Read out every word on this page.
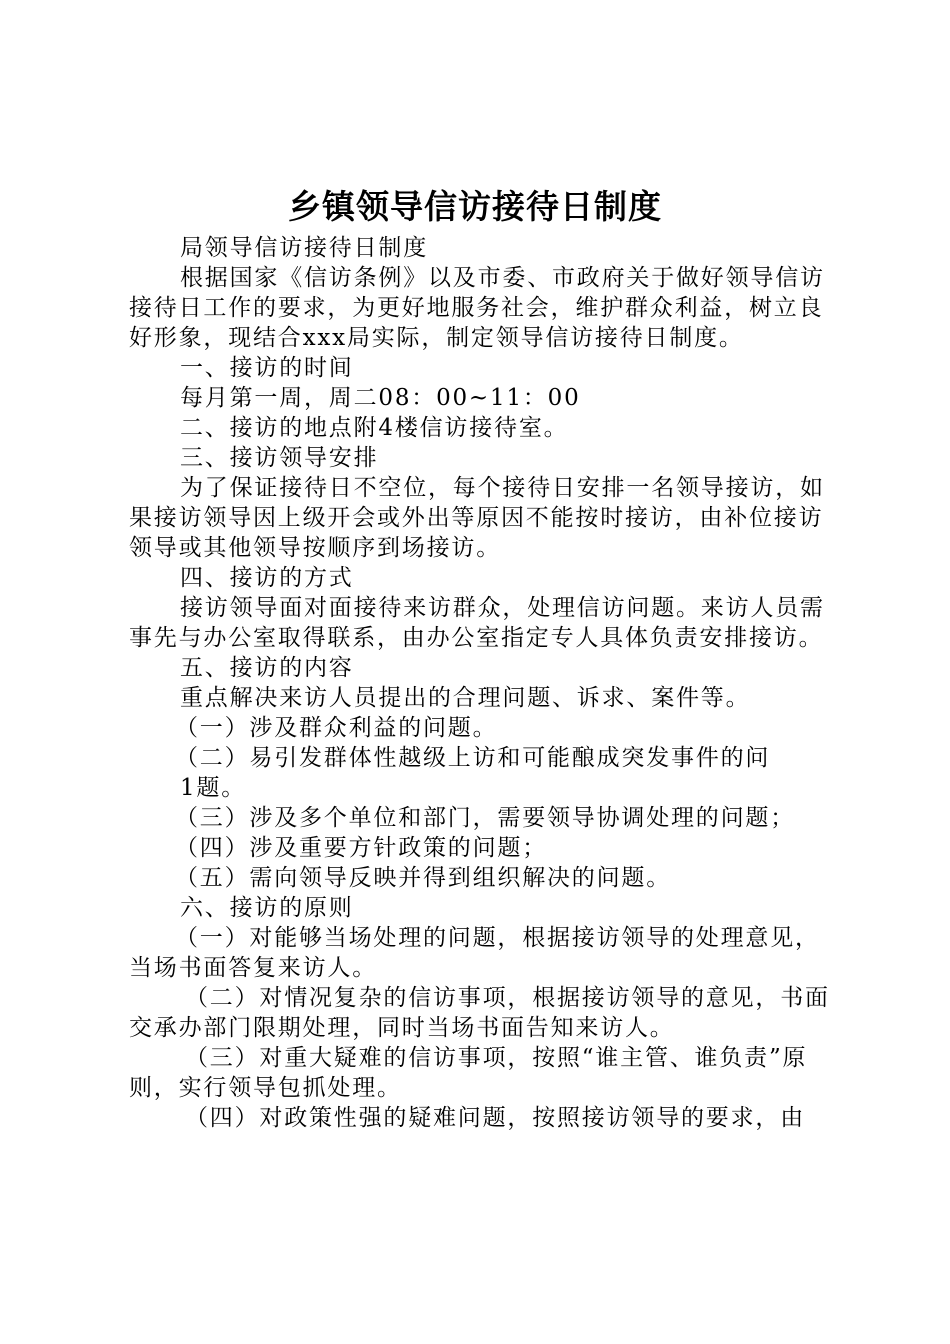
乡镇领导信访接待日制度

局领导信访接待日制度

根据国家《信访条例》以及市委、市政府关于做好领导信访接待日工作的要求，为更好地服务社会，维护群众利益，树立良好形象，现结合xxx局实际，制定领导信访接待日制度。

一、接访的时间

每月第一周，周二08：00~11：00

二、接访的地点附4楼信访接待室。

三、接访领导安排

为了保证接待日不空位，每个接待日安排一名领导接访，如果接访领导因上级开会或外出等原因不能按时接访，由补位接访领导或其他领导按顺序到场接访。

四、接访的方式

接访领导面对面接待来访群众，处理信访问题。来访人员需事先与办公室取得联系，由办公室指定专人具体负责安排接访。

五、接访的内容

重点解决来访人员提出的合理问题、诉求、案件等。

（一）涉及群众利益的问题。

（二）易引发群体性越级上访和可能酿成突发事件的问

1题。

（三）涉及多个单位和部门，需要领导协调处理的问题；

（四）涉及重要方针政策的问题；

（五）需向领导反映并得到组织解决的问题。

六、接访的原则

（一）对能够当场处理的问题，根据接访领导的处理意见，当场书面答复来访人。

（二）对情况复杂的信访事项，根据接访领导的意见，书面交承办部门限期处理，同时当场书面告知来访人。

（三）对重大疑难的信访事项，按照“谁主管、谁负责”原则，实行领导包抓处理。

（四）对政策性强的疑难问题，按照接访领导的要求，由
